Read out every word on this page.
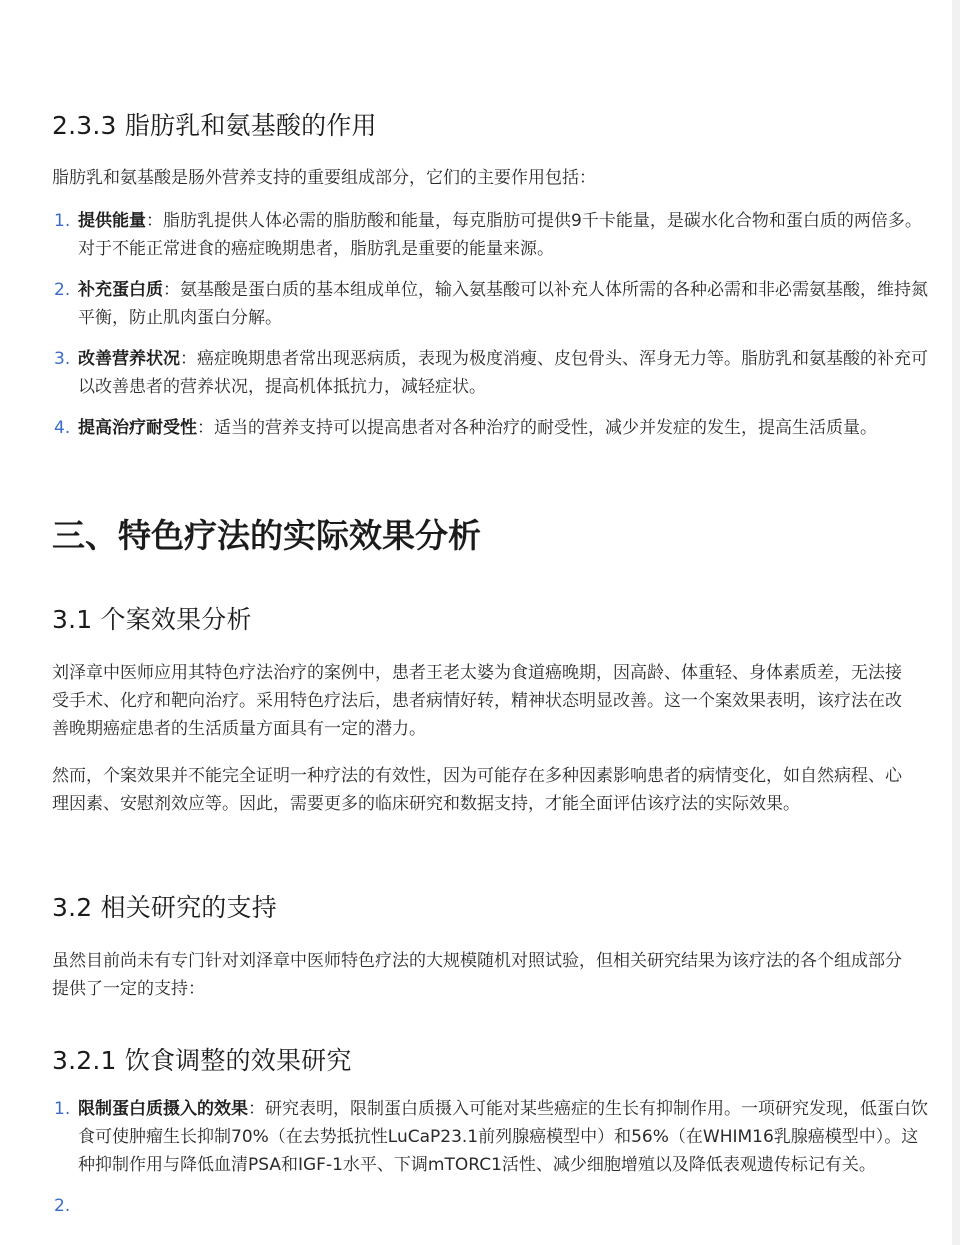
2.3.3 脂肪乳和氨基酸的作用

脂肪乳和氨基酸是肠外营养支持的重要组成部分，它们的主要作用包括：

1. 提供能量：脂肪乳提供人体必需的脂肪酸和能量，每克脂肪可提供9千卡能量，是碳水化合物和蛋白质的两倍多。对于不能正常进食的癌症晚期患者，脂肪乳是重要的能量来源。
2. 补充蛋白质：氨基酸是蛋白质的基本组成单位，输入氨基酸可以补充人体所需的各种必需和非必需氨基酸，维持氮平衡，防止肌肉蛋白分解。
3. 改善营养状况：癌症晚期患者常出现恶病质，表现为极度消瘦、皮包骨头、浑身无力等。脂肪乳和氨基酸的补充可以改善患者的营养状况，提高机体抵抗力，减轻症状。
4. 提高治疗耐受性：适当的营养支持可以提高患者对各种治疗的耐受性，减少并发症的发生，提高生活质量。
三、特色疗法的实际效果分析
3.1 个案效果分析

刘泽章中医师应用其特色疗法治疗的案例中，患者王老太婆为食道癌晚期，因高龄、体重轻、身体素质差，无法接受手术、化疗和靶向治疗。采用特色疗法后，患者病情好转，精神状态明显改善。这一个案效果表明，该疗法在改善晚期癌症患者的生活质量方面具有一定的潜力。

然而，个案效果并不能完全证明一种疗法的有效性，因为可能存在多种因素影响患者的病情变化，如自然病程、心理因素、安慰剂效应等。因此，需要更多的临床研究和数据支持，才能全面评估该疗法的实际效果。

3.2 相关研究的支持

虽然目前尚未有专门针对刘泽章中医师特色疗法的大规模随机对照试验，但相关研究结果为该疗法的各个组成部分提供了一定的支持：

3.2.1 饮食调整的效果研究
1. 限制蛋白质摄入的效果：研究表明，限制蛋白质摄入可能对某些癌症的生长有抑制作用。一项研究发现，低蛋白饮食可使肿瘤生长抑制70%（在去势抵抗性LuCaP23.1前列腺癌模型中）和56%（在WHIM16乳腺癌模型中）。这种抑制作用与降低血清PSA和IGF-1水平、下调mTORC1活性、减少细胞增殖以及降低表观遗传标记有关。
2.
